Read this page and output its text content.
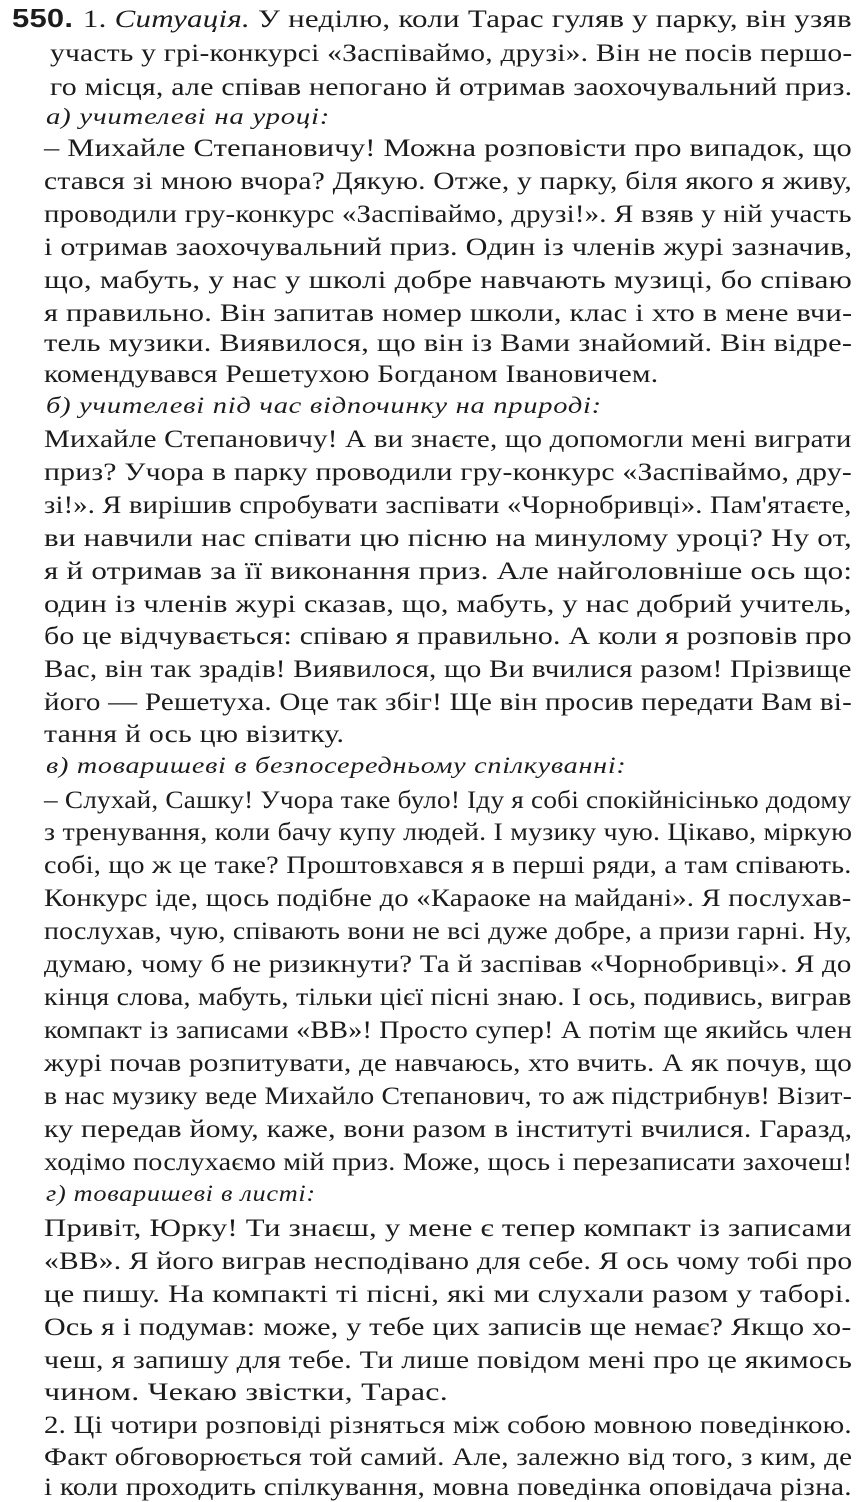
550. 1. Ситуація. У неділю, коли Тарас гуляв у парку, він узяв
участь у грі-конкурсі «Заспіваймо, друзі». Він не посів першо-
го місця, але співав непогано й отримав заохочувальний приз.
а) учителеві на уроці:
– Михайле Степановичу! Можна розповісти про випадок, що
стався зі мною вчора? Дякую. Отже, у парку, біля якого я живу,
проводили гру-конкурс «Заспіваймо, друзі!». Я взяв у ній участь
і отримав заохочувальний приз. Один із членів журі зазначив,
що, мабуть, у нас у школі добре навчають музиці, бо співаю
я правильно. Він запитав номер школи, клас і хто в мене вчи-
тель музики. Виявилося, що він із Вами знайомий. Він відре-
комендувався Решетухою Богданом Івановичем.
б) учителеві під час відпочинку на природі:
Михайле Степановичу! А ви знаєте, що допомогли мені виграти
приз? Учора в парку проводили гру-конкурс «Заспіваймо, дру-
зі!». Я вирішив спробувати заспівати «Чорнобривці». Пам'ятаєте,
ви навчили нас співати цю пісню на минулому уроці? Ну от,
я й отримав за її виконання приз. Але найголовніше ось що:
один із членів журі сказав, що, мабуть, у нас добрий учитель,
бо це відчувається: співаю я правильно. А коли я розповів про
Вас, він так зрадів! Виявилося, що Ви вчилися разом! Прізвище
його — Решетуха. Оце так збіг! Ще він просив передати Вам ві-
тання й ось цю візитку.
в) товаришеві в безпосередньому спілкуванні:
– Слухай, Сашку! Учора таке було! Іду я собі спокійнісінько додому
з тренування, коли бачу купу людей. І музику чую. Цікаво, міркую
собі, що ж це таке? Проштовхався я в перші ряди, а там співають.
Конкурс іде, щось подібне до «Караоке на майдані». Я послухав-
послухав, чую, співають вони не всі дуже добре, а призи гарні. Ну,
думаю, чому б не ризикнути? Та й заспівав «Чорнобривці». Я до
кінця слова, мабуть, тільки цієї пісні знаю. І ось, подивись, виграв
компакт із записами «ВВ»! Просто супер! А потім ще якийсь член
журі почав розпитувати, де навчаюсь, хто вчить. А як почув, що
в нас музику веде Михайло Степанович, то аж підстрибнув! Візит-
ку передав йому, каже, вони разом в інституті вчилися. Гаразд,
ходімо послухаємо мій приз. Може, щось і перезаписати захочеш!
г) товаришеві в листі:
Привіт, Юрку! Ти знаєш, у мене є тепер компакт із записами
«ВВ». Я його виграв несподівано для себе. Я ось чому тобі про
це пишу. На компакті ті пісні, які ми слухали разом у таборі.
Ось я і подумав: може, у тебе цих записів ще немає? Якщо хо-
чеш, я запишу для тебе. Ти лише повідом мені про це якимось
чином. Чекаю звістки, Тарас.
2. Ці чотири розповіді різняться між собою мовною поведінкою.
Факт обговорюється той самий. Але, залежно від того, з ким, де
і коли проходить спілкування, мовна поведінка оповідача різна.
